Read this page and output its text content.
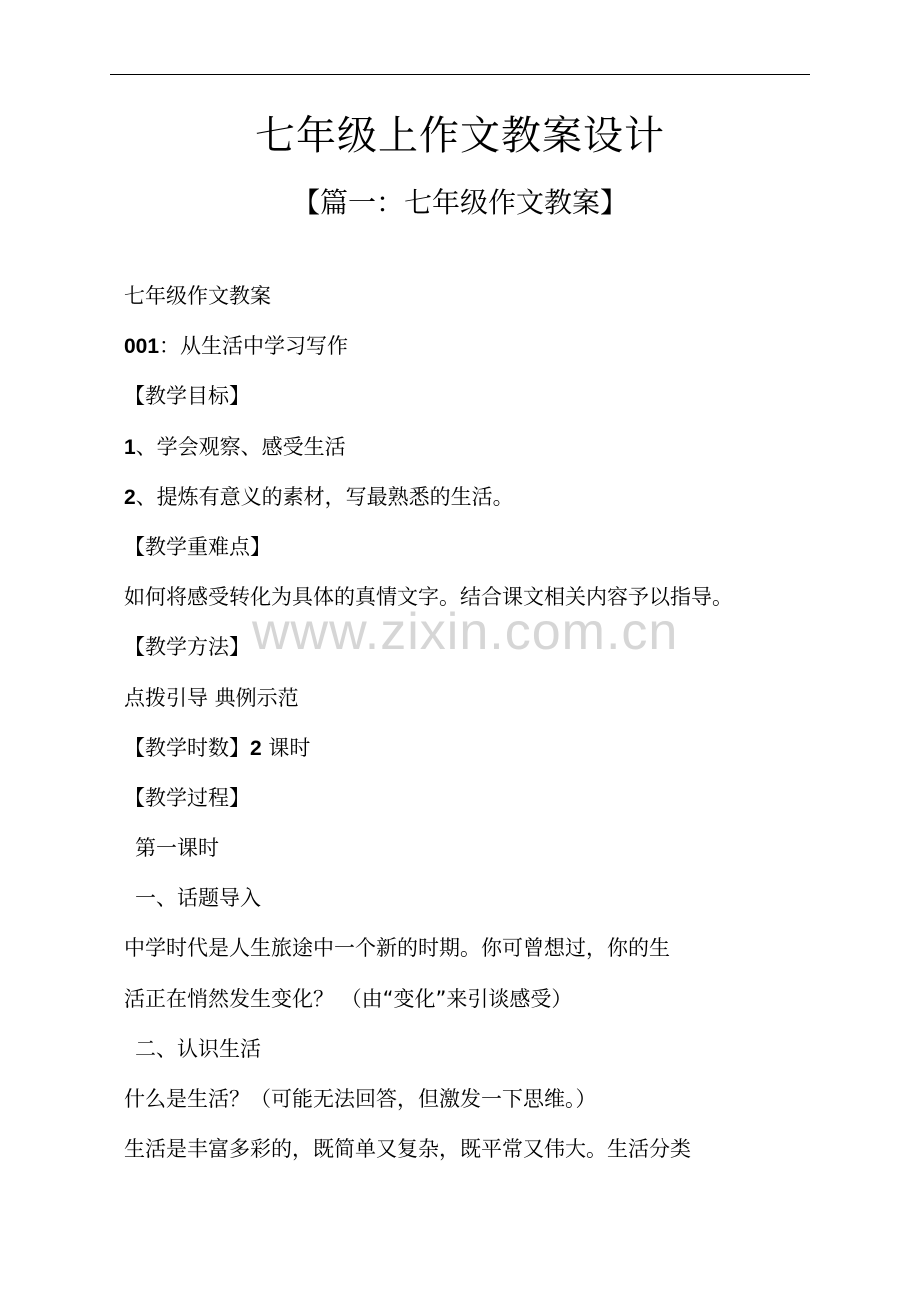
七年级上作文教案设计
【篇一：七年级作文教案】
www.zixin.com.cn
七年级作文教案
001：从生活中学习写作
【教学目标】
1、学会观察、感受生活
2、提炼有意义的素材，写最熟悉的生活。
【教学重难点】
如何将感受转化为具体的真情文字。结合课文相关内容予以指导。
【教学方法】
点拨引导 典例示范
【教学时数】2 课时
【教学过程】
第一课时
一、话题导入
中学时代是人生旅途中一个新的时期。你可曾想过，你的生
活正在悄然发生变化？ （由“变化”来引谈感受）
二、认识生活
什么是生活？（可能无法回答，但激发一下思维。）
生活是丰富多彩的，既简单又复杂，既平常又伟大。生活分类
